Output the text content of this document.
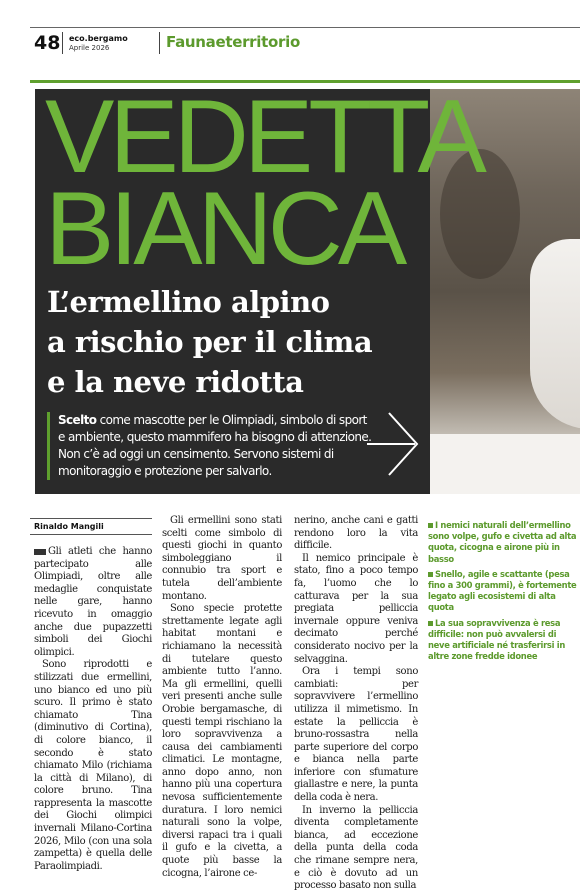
48 eco.bergamo
Aprile 2026	Faunaeterritorio
VEDETTA
BIANCA
L’ermellino alpino
a rischio per il clima
e la neve ridotta
Scelto come mascotte per le Olimpiadi, simbolo di sport e ambiente, questo mammifero ha bisogno di attenzione. Non c’è ad oggi un censimento. Servono sistemi di monitoraggio e protezione per salvarlo.
Rinaldo Mangili

Gli atleti che hanno partecipato alle Olimpiadi, oltre alle medaglie conquistate nelle gare, hanno ricevuto in omaggio anche due pupazzetti simboli dei Giochi olimpici.

Sono riprodotti e stilizzati due ermellini, uno bianco ed uno più scuro. Il primo è stato chiamato Tina (diminutivo di Cortina), di colore bianco, il secondo è stato chiamato Milo (richiama la città di Milano), di colore bruno. Tina rappresenta la mascotte dei Giochi olimpici invernali Milano-Cortina 2026, Milo (con una sola zampetta) è quella delle Paraolimpiadi.

Gli ermellini sono stati scelti come simbolo di questi giochi in quanto simboleggiano il connubio tra sport e tutela dell’ambiente montano.

Sono specie protette strettamente legate agli habitat montani e richiamano la necessità di tutelare questo ambiente tutto l’anno. Ma gli ermellini, quelli veri presenti anche sulle Orobie bergamasche, di questi tempi rischiano la loro sopravvivenza a causa dei cambiamenti climatici. Le montagne, anno dopo anno, non hanno più una copertura nevosa sufficientemente duratura. I loro nemici naturali sono la volpe, diversi rapaci tra i quali il gufo e la civetta, a quote più basse la cicogna, l’airone ce-

nerino, anche cani e gatti rendono loro la vita difficile.

Il nemico principale è stato, fino a poco tempo fa, l’uomo che lo catturava per la sua pregiata pelliccia invernale oppure veniva decimato perché considerato nocivo per la selvaggina.

Ora i tempi sono cambiati: per sopravvivere l’ermellino utilizza il mimetismo. In estate la pelliccia è bruno-rossastra nella parte superiore del corpo e bianca nella parte inferiore con sfumature giallastre e nere, la punta della coda è nera.

In inverno la pelliccia diventa completamente bianca, ad eccezione della punta della coda che rimane sempre nera, e ciò è dovuto ad un processo basato non sulla

I nemici naturali dell’ermellino sono volpe, gufo e civetta ad alta quota, cicogna e airone più in basso
Snello, agile e scattante (pesa fino a 300 grammi), è fortemente legato agli ecosistemi di alta quota
La sua sopravvivenza è resa difficile: non può avvalersi di neve artificiale né trasferirsi in altre zone fredde idonee
